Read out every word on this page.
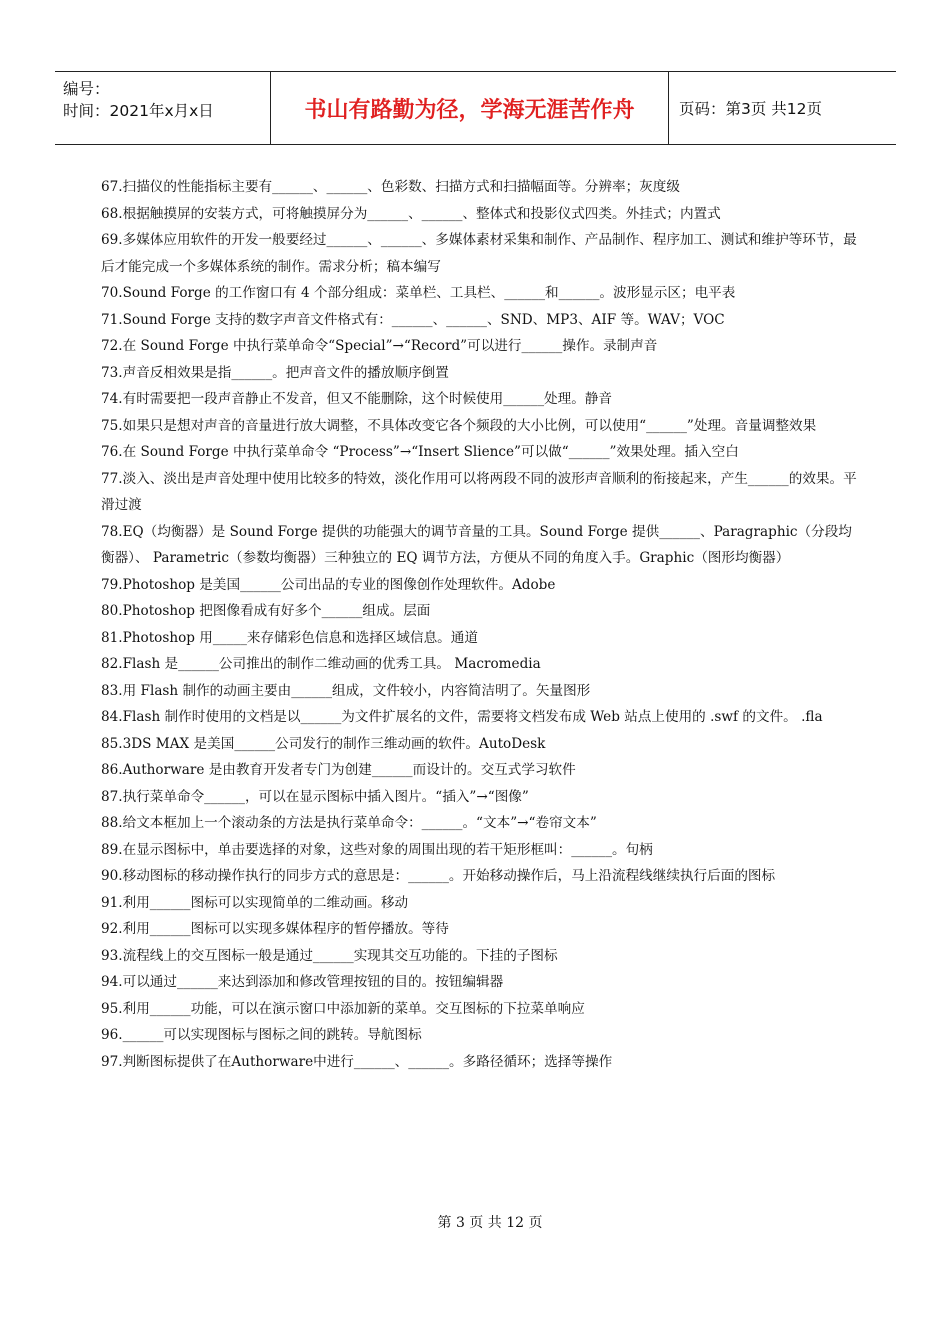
编号：
时间：2021年x月x日	书山有路勤为径，学海无涯苦作舟	页码：第3页 共12页

67.扫描仪的性能指标主要有______、______、色彩数、扫描方式和扫描幅面等。分辨率；灰度级

68.根据触摸屏的安装方式，可将触摸屏分为______、______、整体式和投影仪式四类。外挂式；内置式

69.多媒体应用软件的开发一般要经过______、______、多媒体素材采集和制作、产品制作、程序加工、测试和维护等环节，最后才能完成一个多媒体系统的制作。需求分析；稿本编写

70.Sound Forge 的工作窗口有 4 个部分组成：菜单栏、工具栏、______和______。波形显示区；电平表

71.Sound Forge 支持的数字声音文件格式有：______、______、SND、MP3、AIF 等。WAV；VOC

72.在 Sound Forge 中执行菜单命令“Special”→“Record”可以进行______操作。录制声音

73.声音反相效果是指______。把声音文件的播放顺序倒置

74.有时需要把一段声音静止不发音，但又不能删除，这个时候使用______处理。静音

75.如果只是想对声音的音量进行放大调整，不具体改变它各个频段的大小比例，可以使用“______”处理。音量调整效果

76.在 Sound Forge 中执行菜单命令 “Process”→“Insert Slience”可以做“______”效果处理。插入空白

77.淡入、淡出是声音处理中使用比较多的特效，淡化作用可以将两段不同的波形声音顺利的衔接起来，产生______的效果。平滑过渡

78.EQ（均衡器）是 Sound Forge 提供的功能强大的调节音量的工具。Sound Forge 提供______、Paragraphic（分段均衡器）、 Parametric（参数均衡器）三种独立的 EQ 调节方法，方便从不同的角度入手。Graphic（图形均衡器）

79.Photoshop 是美国______公司出品的专业的图像创作处理软件。Adobe

80.Photoshop 把图像看成有好多个______组成。层面

81.Photoshop 用_____来存储彩色信息和选择区域信息。通道

82.Flash 是______公司推出的制作二维动画的优秀工具。 Macromedia

83.用 Flash 制作的动画主要由______组成，文件较小，内容简洁明了。矢量图形

84.Flash 制作时使用的文档是以______为文件扩展名的文件，需要将文档发布成 Web 站点上使用的 .swf 的文件。 .fla

85.3DS MAX 是美国______公司发行的制作三维动画的软件。AutoDesk

86.Authorware 是由教育开发者专门为创建______而设计的。交互式学习软件

87.执行菜单命令______，可以在显示图标中插入图片。“插入”→“图像”

88.给文本框加上一个滚动条的方法是执行菜单命令：______。“文本”→“卷帘文本”

89.在显示图标中，单击要选择的对象，这些对象的周围出现的若干矩形框叫：______。句柄

90.移动图标的移动操作执行的同步方式的意思是：______。开始移动操作后，马上沿流程线继续执行后面的图标

91.利用______图标可以实现简单的二维动画。移动

92.利用______图标可以实现多媒体程序的暂停播放。等待

93.流程线上的交互图标一般是通过______实现其交互功能的。下挂的子图标

94.可以通过______来达到添加和修改管理按钮的目的。按钮编辑器

95.利用______功能，可以在演示窗口中添加新的菜单。交互图标的下拉菜单响应

96.______可以实现图标与图标之间的跳转。导航图标

97.判断图标提供了在Authorware中进行______、______。多路径循环；选择等操作

第 3 页 共 12 页
